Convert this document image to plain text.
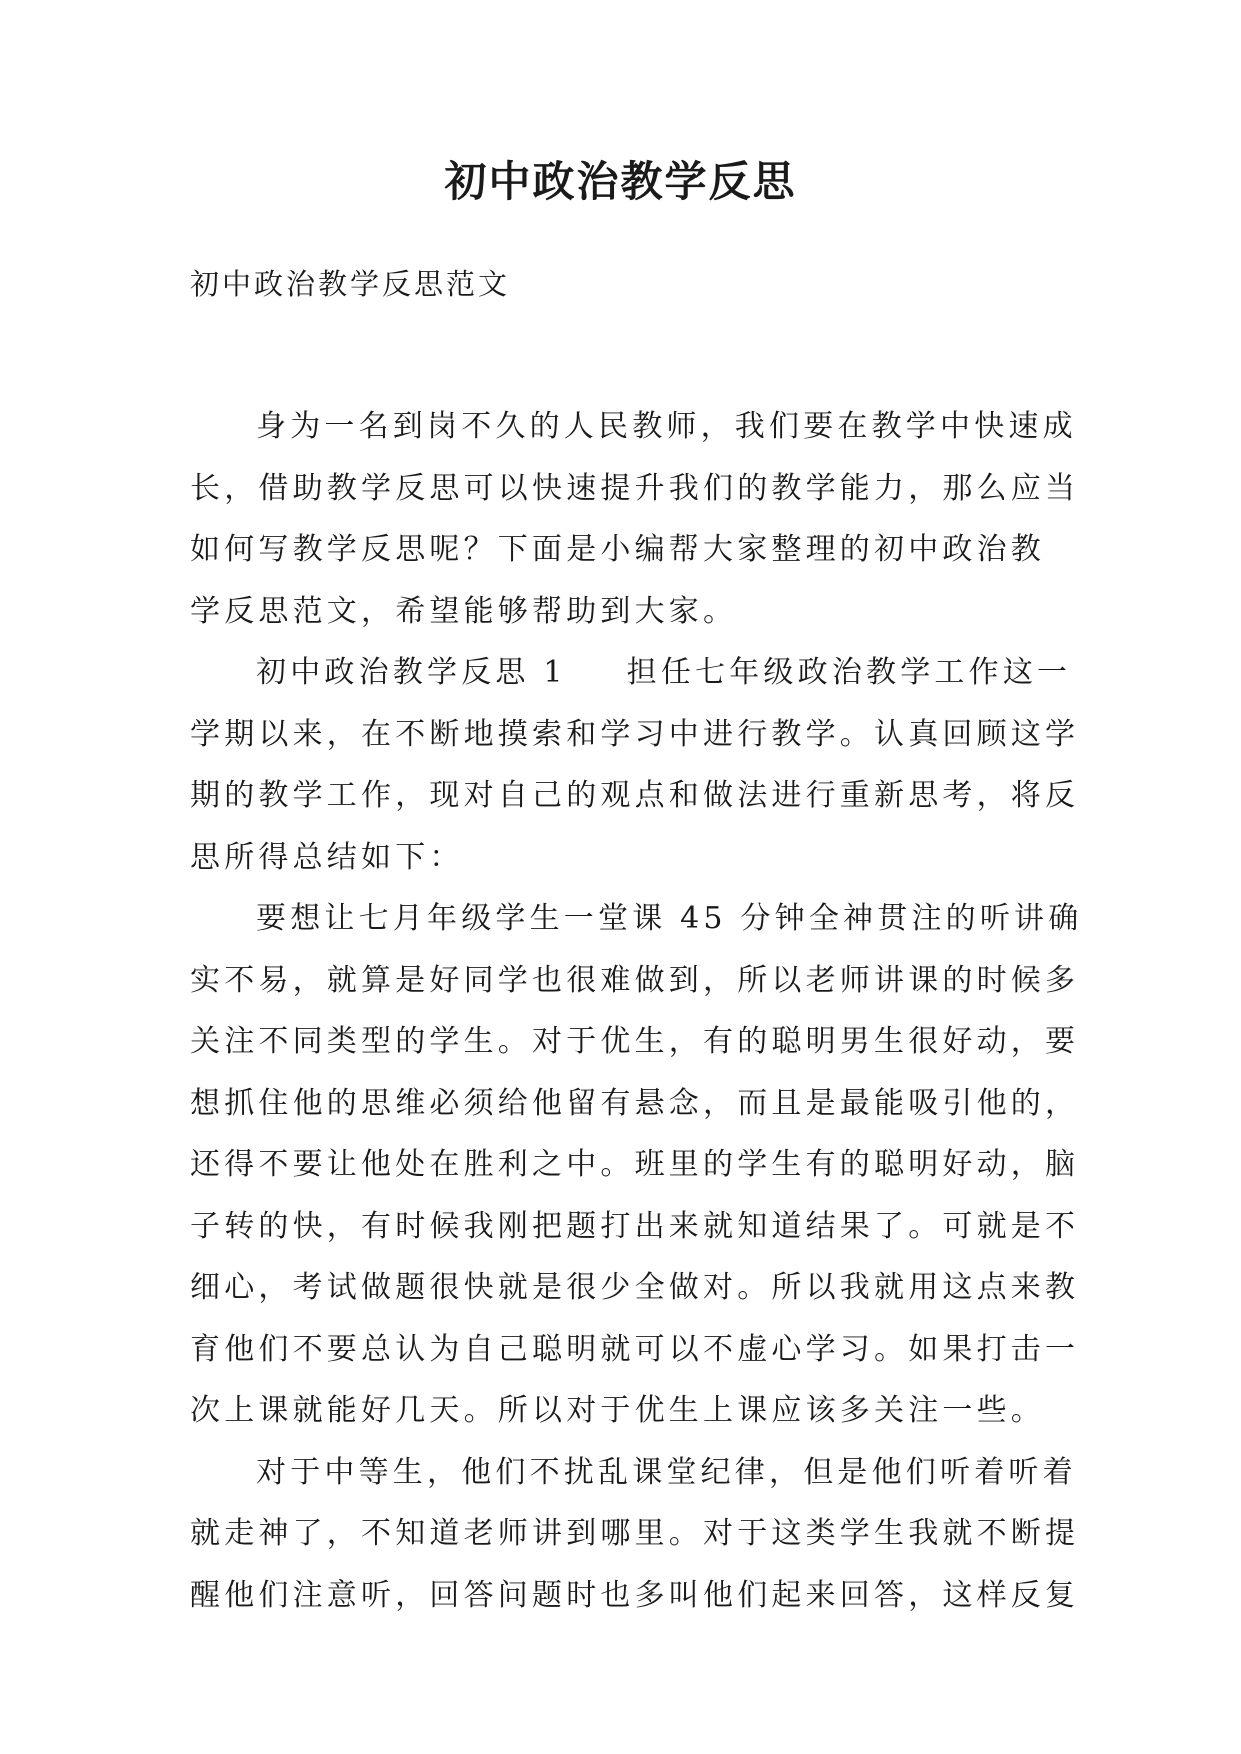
初中政治教学反思
初中政治教学反思范文
身为一名到岗不久的人民教师，我们要在教学中快速成
长，借助教学反思可以快速提升我们的教学能力，那么应当
如何写教学反思呢？下面是小编帮大家整理的初中政治教
学反思范文，希望能够帮助到大家。
初中政治教学反思 1 担任七年级政治教学工作这一
学期以来，在不断地摸索和学习中进行教学。认真回顾这学
期的教学工作，现对自己的观点和做法进行重新思考，将反
思所得总结如下：
要想让七月年级学生一堂课 45 分钟全神贯注的听讲确
实不易，就算是好同学也很难做到，所以老师讲课的时候多
关注不同类型的学生。对于优生，有的聪明男生很好动，要
想抓住他的思维必须给他留有悬念，而且是最能吸引他的，
还得不要让他处在胜利之中。班里的学生有的聪明好动，脑
子转的快，有时候我刚把题打出来就知道结果了。可就是不
细心，考试做题很快就是很少全做对。所以我就用这点来教
育他们不要总认为自己聪明就可以不虚心学习。如果打击一
次上课就能好几天。所以对于优生上课应该多关注一些。
对于中等生，他们不扰乱课堂纪律，但是他们听着听着
就走神了，不知道老师讲到哪里。对于这类学生我就不断提
醒他们注意听，回答问题时也多叫他们起来回答，这样反复
